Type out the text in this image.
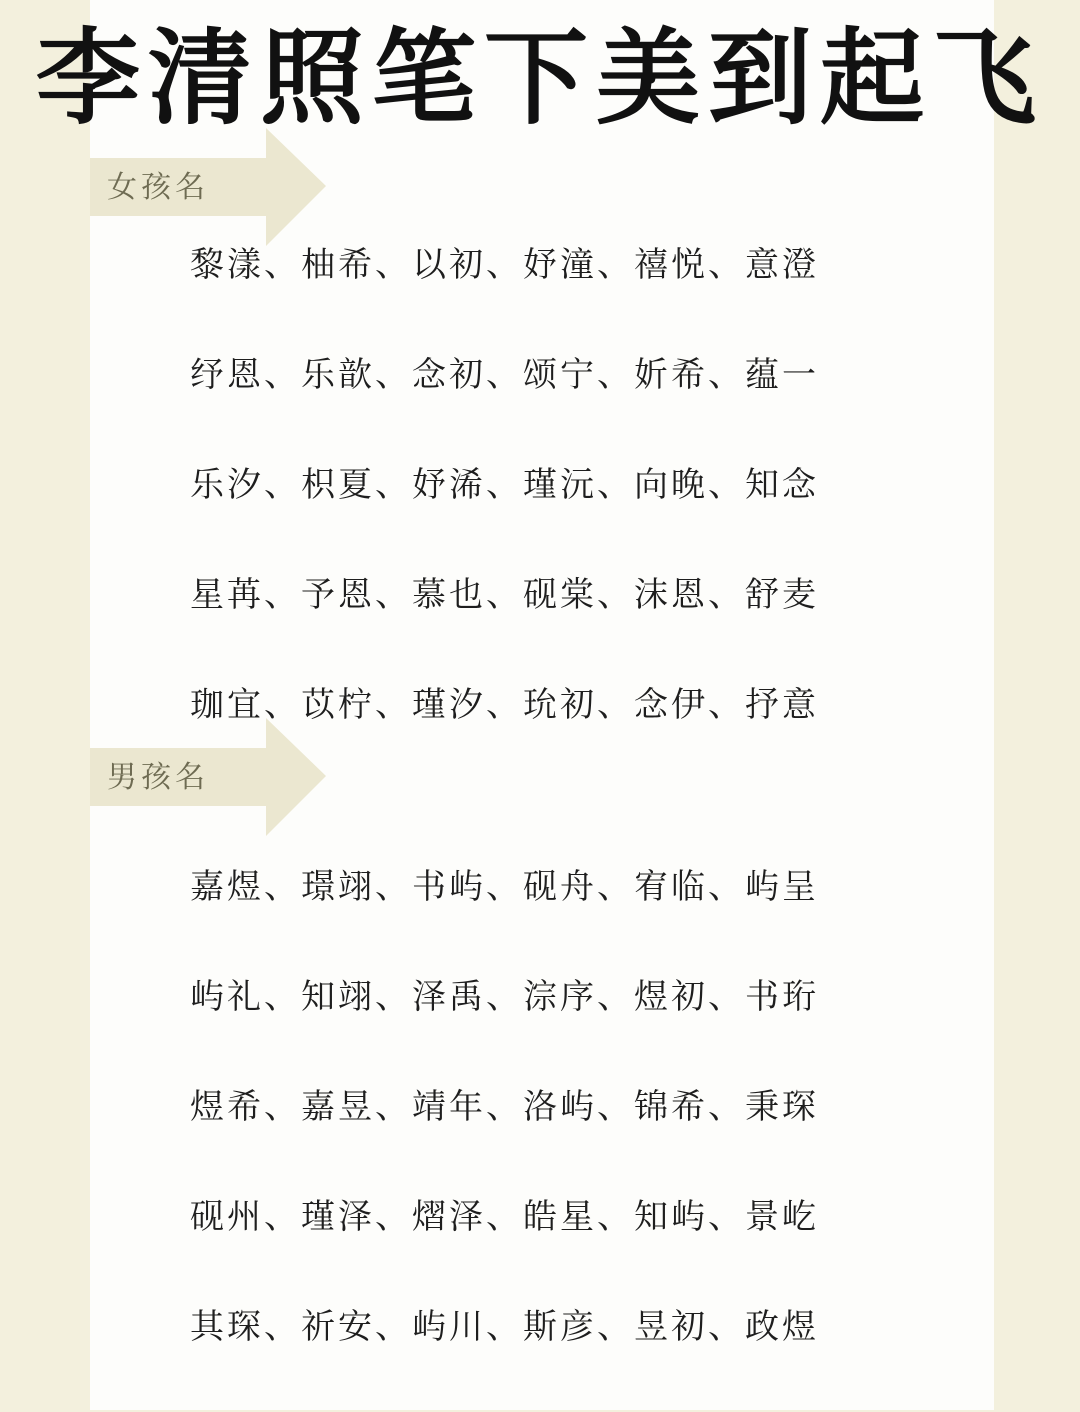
李清照笔下美到起飞
女孩名
黎漾、柚希、以初、妤潼、禧悦、意澄
纾恩、乐歆、念初、颂宁、妡希、蕴一
乐汐、枳夏、妤浠、瑾沅、向晚、知念
星苒、予恩、慕也、砚棠、沫恩、舒麦
珈宜、苡柠、瑾汐、玧初、念伊、抒意
男孩名
嘉煜、璟翊、书屿、砚舟、宥临、屿呈
屿礼、知翊、泽禹、淙序、煜初、书珩
煜希、嘉昱、靖年、洛屿、锦希、秉琛
砚州、瑾泽、熠泽、皓星、知屿、景屹
其琛、祈安、屿川、斯彦、昱初、政煜
